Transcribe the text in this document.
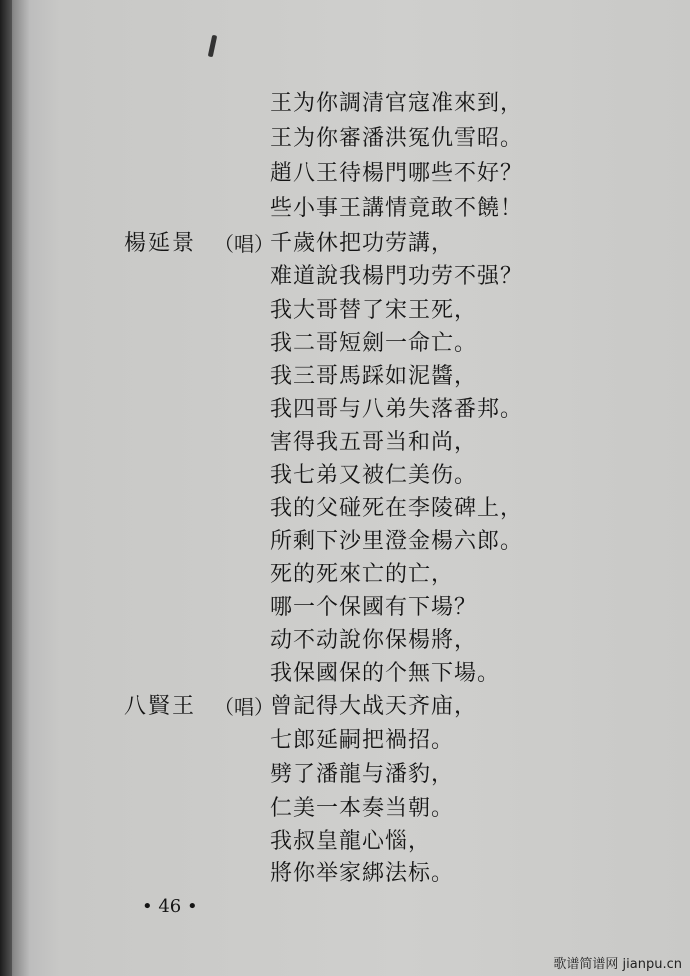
王为你調清官寇准來到，
王为你審潘洪冤仇雪昭。
趙八王待楊門哪些不好？
些小事王講情竟敢不饒！
楊延景 （唱）
千歲休把功劳講，
难道說我楊門功劳不强？
我大哥替了宋王死，
我二哥短劍一命亡。
我三哥馬踩如泥醬，
我四哥与八弟失落番邦。
害得我五哥当和尚，
我七弟又被仁美伤。
我的父碰死在李陵碑上，
所剩下沙里澄金楊六郎。
死的死來亡的亡，
哪一个保國有下場？
动不动說你保楊將，
我保國保的个無下場。
八賢王 （唱）
曾記得大战天齐庙，
七郎延嗣把禍招。
劈了潘龍与潘豹，
仁美一本奏当朝。
我叔皇龍心惱，
將你举家綁法标。
• 46 •
歌谱简谱网 jianpu.cn
